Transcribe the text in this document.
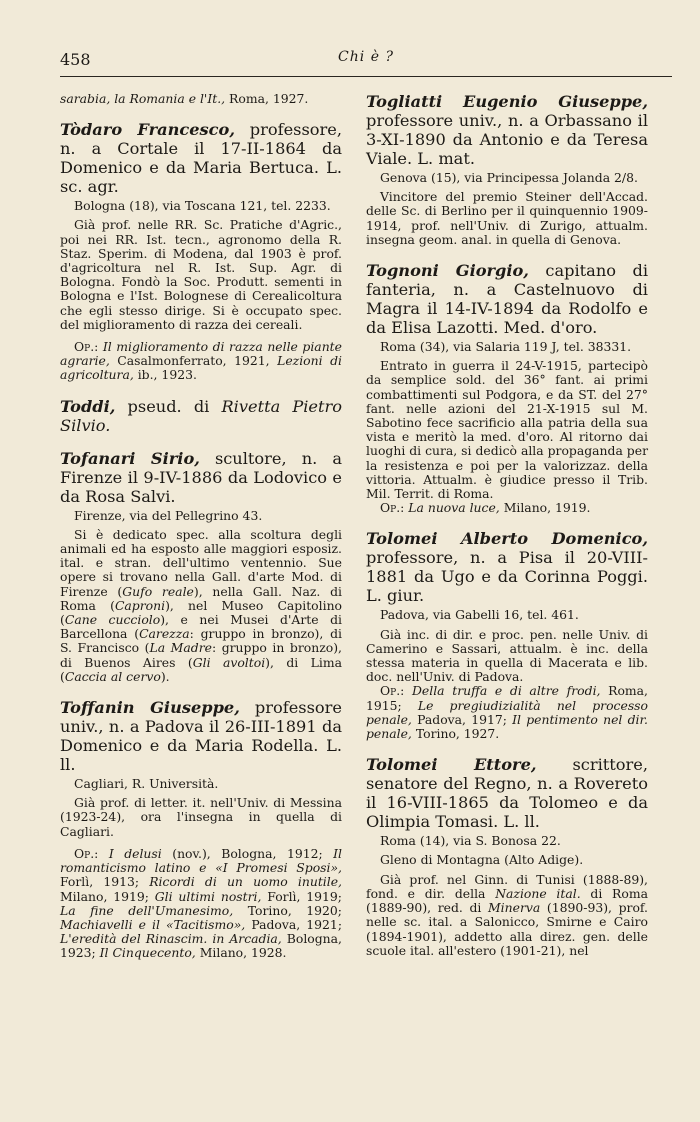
458	Chi è ?

sarabia, la Romania e l'It., Roma, 1927.

Tòdaro Francesco, professore, n. a Cortale il 17-II-1864 da Domenico e da Maria Bertuca. L. sc. agr.

Bologna (18), via Toscana 121, tel. 2233.

Già prof. nelle RR. Sc. Pratiche d'Agric., poi nei RR. Ist. tecn., agronomo della R. Staz. Sperim. di Modena, dal 1903 è prof. d'agricoltura nel R. Ist. Sup. Agr. di Bologna. Fondò la Soc. Produtt. sementi in Bologna e l'Ist. Bolognese di Cerealicoltura che egli stesso dirige. Si è occupato spec. del miglioramento di razza dei cereali.

Op.: Il miglioramento di razza nelle piante agrarie, Casalmonferrato, 1921, Lezioni di agricoltura, ib., 1923.

Toddi, pseud. di Rivetta Pietro Silvio.

Tofanari Sirio, scultore, n. a Firenze il 9-IV-1886 da Lodovico e da Rosa Salvi.

Firenze, via del Pellegrino 43.

Si è dedicato spec. alla scoltura degli animali ed ha esposto alle maggiori esposiz. ital. e stran. dell'ultimo ventennio. Sue opere si trovano nella Gall. d'arte Mod. di Firenze (Gufo reale), nella Gall. Naz. di Roma (Caproni), nel Museo Capitolino (Cane cucciolo), e nei Musei d'Arte di Barcellona (Carezza: gruppo in bronzo), di S. Francisco (La Madre: gruppo in bronzo), di Buenos Aires (Gli avoltoi), di Lima (Caccia al cervo).

Toffanin Giuseppe, professore univ., n. a Padova il 26-III-1891 da Domenico e da Maria Rodella. L. ll.

Cagliari, R. Università.

Già prof. di letter. it. nell'Univ. di Messina (1923-24), ora l'insegna in quella di Cagliari.

Op.: I delusi (nov.), Bologna, 1912; Il romanticismo latino e «I Promesi Sposi», Forlì, 1913; Ricordi di un uomo inutile, Milano, 1919; Gli ultimi nostri, Forlì, 1919; La fine dell'Umanesimo, Torino, 1920; Machiavelli e il «Tacitismo», Padova, 1921; L'eredità del Rinascim. in Arcadia, Bologna, 1923; Il Cinquecento, Milano, 1928.

Togliatti Eugenio Giuseppe, professore univ., n. a Orbassano il 3-XI-1890 da Antonio e da Teresa Viale. L. mat.

Genova (15), via Principessa Jolanda 2/8.

Vincitore del premio Steiner dell'Accad. delle Sc. di Berlino per il quinquennio 1909-1914, prof. nell'Univ. di Zurigo, attualm. insegna geom. anal. in quella di Genova.

Tognoni Giorgio, capitano di fanteria, n. a Castelnuovo di Magra il 14-IV-1894 da Rodolfo e da Elisa Lazotti. Med. d'oro.

Roma (34), via Salaria 119 J, tel. 38331.

Entrato in guerra il 24-V-1915, partecipò da semplice sold. del 36° fant. ai primi combattimenti sul Podgora, e da ST. del 27° fant. nelle azioni del 21-X-1915 sul M. Sabotino fece sacrificio alla patria della sua vista e meritò la med. d'oro. Al ritorno dai luoghi di cura, si dedicò alla propaganda per la resistenza e poi per la valorizzaz. della vittoria. Attualm. è giudice presso il Trib. Mil. Territ. di Roma.

Op.: La nuova luce, Milano, 1919.

Tolomei Alberto Domenico, professore, n. a Pisa il 20-VIII-1881 da Ugo e da Corinna Poggi. L. giur.

Padova, via Gabelli 16, tel. 461.

Già inc. di dir. e proc. pen. nelle Univ. di Camerino e Sassari, attualm. è inc. della stessa materia in quella di Macerata e lib. doc. nell'Univ. di Padova.

Op.: Della truffa e di altre frodi, Roma, 1915; Le pregiudizialità nel processo penale, Padova, 1917; Il pentimento nel dir. penale, Torino, 1927.

Tolomei Ettore, scrittore, senatore del Regno, n. a Rovereto il 16-VIII-1865 da Tolomeo e da Olimpia Tomasi. L. ll.

Roma (14), via S. Bonosa 22.

Gleno di Montagna (Alto Adige).

Già prof. nel Ginn. di Tunisi (1888-89), fond. e dir. della Nazione ital. di Roma (1889-90), red. di Minerva (1890-93), prof. nelle sc. ital. a Salonicco, Smirne e Cairo (1894-1901), addetto alla direz. gen. delle scuole ital. all'estero (1901-21), nel
